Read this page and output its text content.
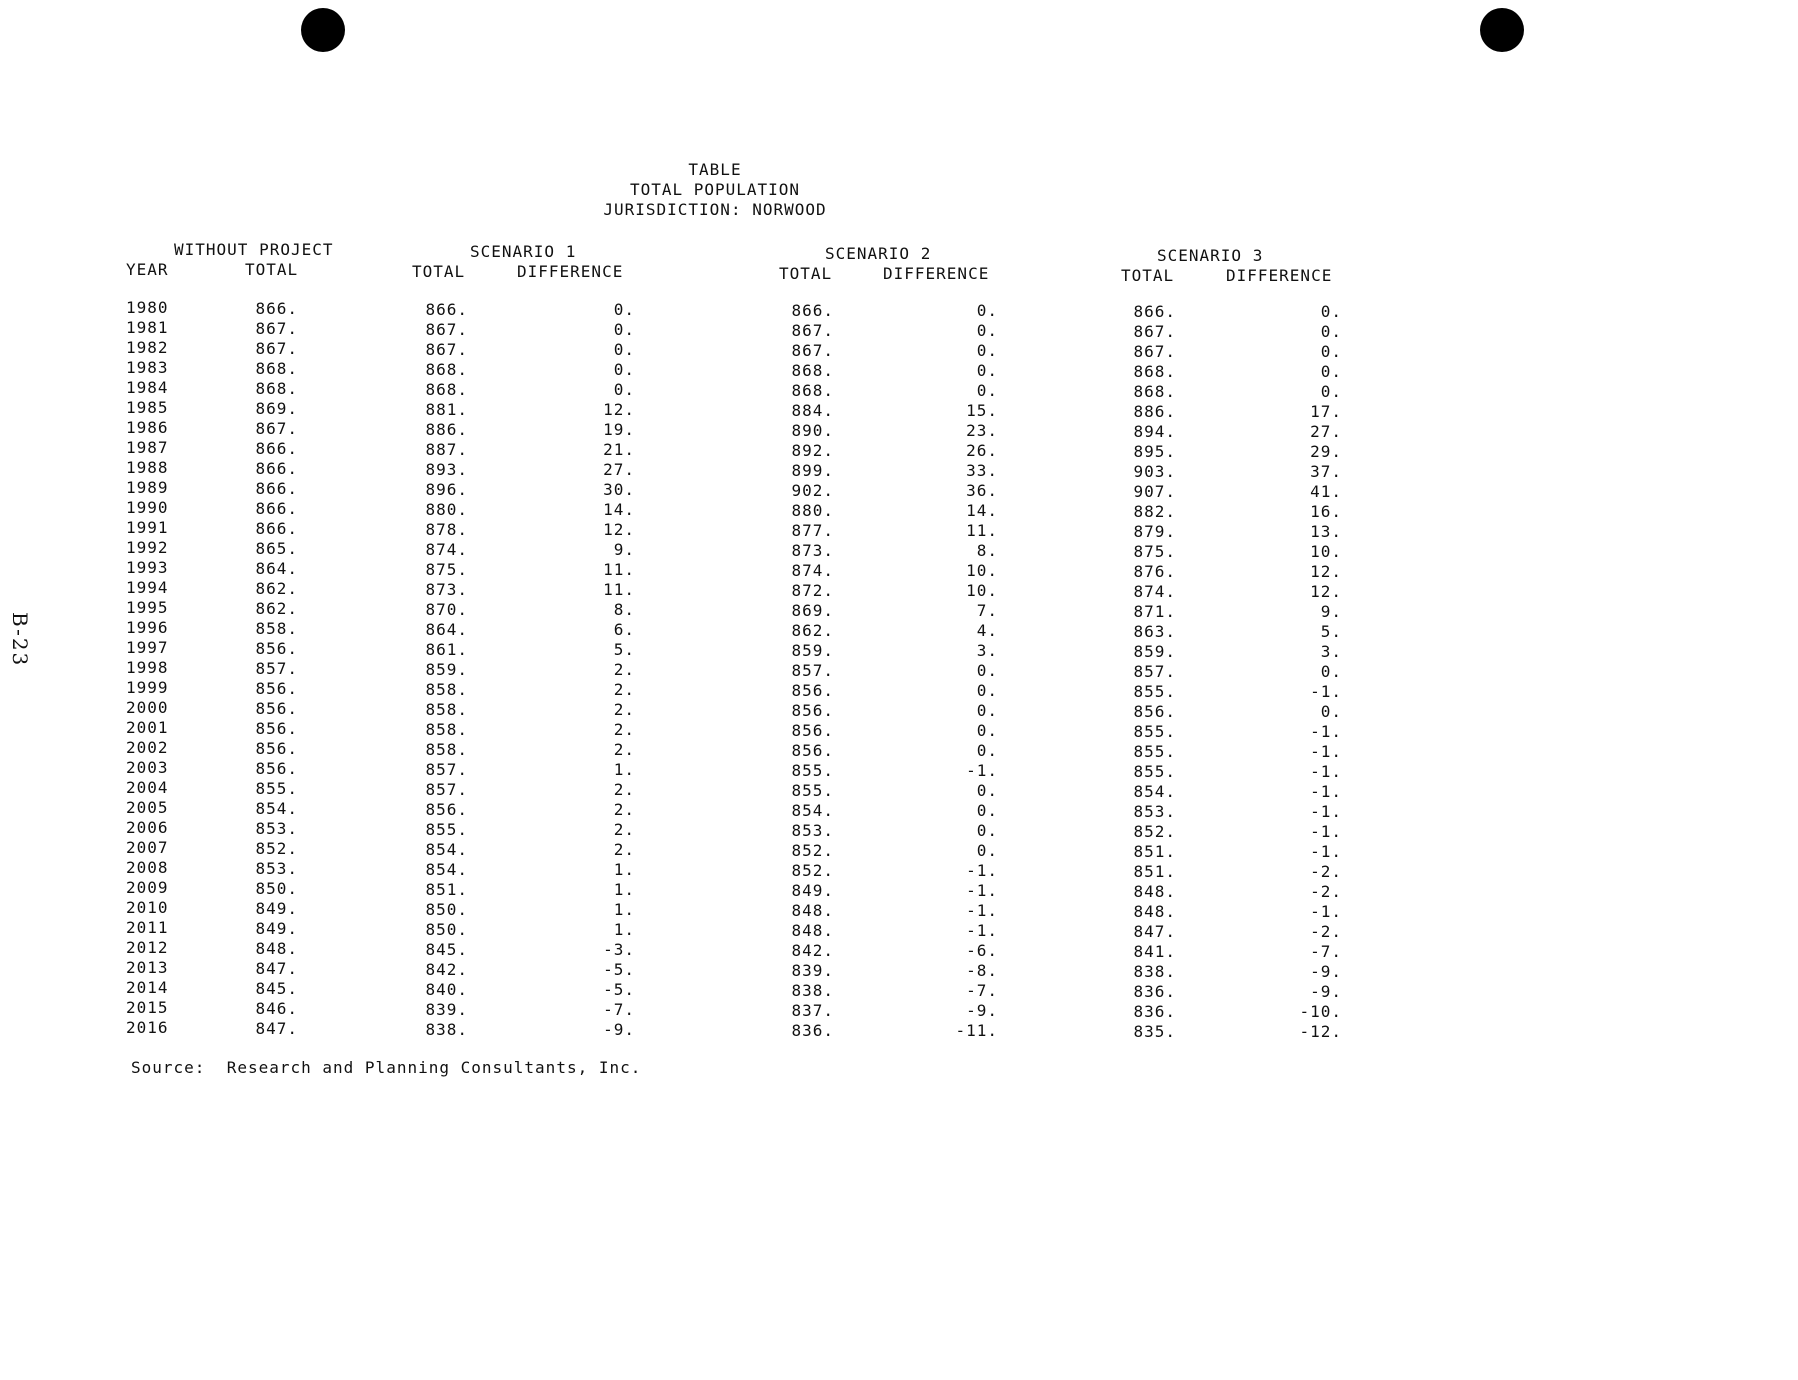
B-23
TABLE
TOTAL POPULATION
JURISDICTION: NORWOOD
WITHOUT PROJECT
YEAR	TOTAL
SCENARIO 1
TOTAL	DIFFERENCE
SCENARIO 2
TOTAL	DIFFERENCE
SCENARIO 3
TOTAL	DIFFERENCE
1980	866.	866.	0.	866.	0.	866.	0.
1981	867.	867.	0.	867.	0.	867.	0.
1982	867.	867.	0.	867.	0.	867.	0.
1983	868.	868.	0.	868.	0.	868.	0.
1984	868.	868.	0.	868.	0.	868.	0.
1985	869.	881.	12.	884.	15.	886.	17.
1986	867.	886.	19.	890.	23.	894.	27.
1987	866.	887.	21.	892.	26.	895.	29.
1988	866.	893.	27.	899.	33.	903.	37.
1989	866.	896.	30.	902.	36.	907.	41.
1990	866.	880.	14.	880.	14.	882.	16.
1991	866.	878.	12.	877.	11.	879.	13.
1992	865.	874.	9.	873.	8.	875.	10.
1993	864.	875.	11.	874.	10.	876.	12.
1994	862.	873.	11.	872.	10.	874.	12.
1995	862.	870.	8.	869.	7.	871.	9.
1996	858.	864.	6.	862.	4.	863.	5.
1997	856.	861.	5.	859.	3.	859.	3.
1998	857.	859.	2.	857.	0.	857.	0.
1999	856.	858.	2.	856.	0.	855.	-1.
2000	856.	858.	2.	856.	0.	856.	0.
2001	856.	858.	2.	856.	0.	855.	-1.
2002	856.	858.	2.	856.	0.	855.	-1.
2003	856.	857.	1.	855.	-1.	855.	-1.
2004	855.	857.	2.	855.	0.	854.	-1.
2005	854.	856.	2.	854.	0.	853.	-1.
2006	853.	855.	2.	853.	0.	852.	-1.
2007	852.	854.	2.	852.	0.	851.	-1.
2008	853.	854.	1.	852.	-1.	851.	-2.
2009	850.	851.	1.	849.	-1.	848.	-2.
2010	849.	850.	1.	848.	-1.	848.	-1.
2011	849.	850.	1.	848.	-1.	847.	-2.
2012	848.	845.	-3.	842.	-6.	841.	-7.
2013	847.	842.	-5.	839.	-8.	838.	-9.
2014	845.	840.	-5.	838.	-7.	836.	-9.
2015	846.	839.	-7.	837.	-9.	836.	-10.
2016	847.	838.	-9.	836.	-11.	835.	-12.
Source:  Research and Planning Consultants, Inc.
